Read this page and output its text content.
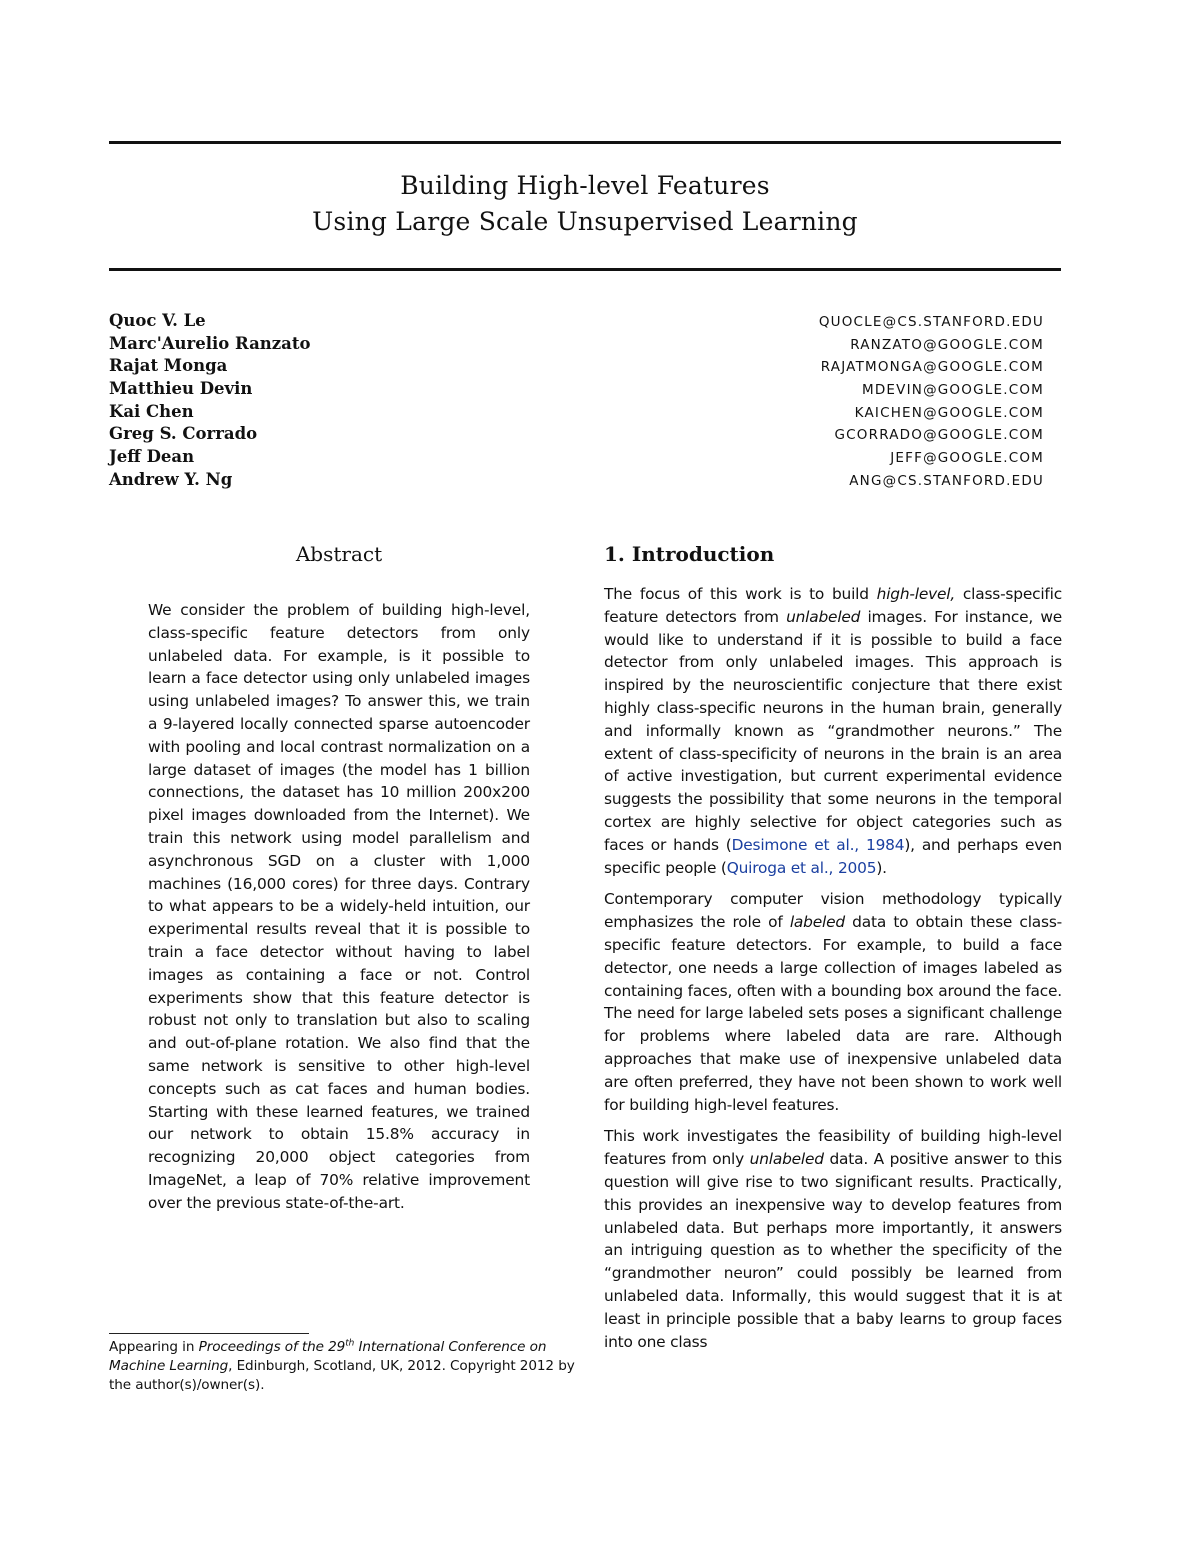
Building High-level Features
Using Large Scale Unsupervised Learning
Quoc V. Le	QUOCLE@CS.STANFORD.EDU
Marc'Aurelio Ranzato	RANZATO@GOOGLE.COM
Rajat Monga	RAJATMONGA@GOOGLE.COM
Matthieu Devin	MDEVIN@GOOGLE.COM
Kai Chen	KAICHEN@GOOGLE.COM
Greg S. Corrado	GCORRADO@GOOGLE.COM
Jeff Dean	JEFF@GOOGLE.COM
Andrew Y. Ng	ANG@CS.STANFORD.EDU
Abstract
We consider the problem of building high-level, class-specific feature detectors from only unlabeled data. For example, is it possible to learn a face detector using only unlabeled images using unlabeled images? To answer this, we train a 9-layered locally connected sparse autoencoder with pooling and local contrast normalization on a large dataset of images (the model has 1 billion connections, the dataset has 10 million 200x200 pixel images downloaded from the Internet). We train this network using model parallelism and asynchronous SGD on a cluster with 1,000 machines (16,000 cores) for three days. Contrary to what appears to be a widely-held intuition, our experimental results reveal that it is possible to train a face detector without having to label images as containing a face or not. Control experiments show that this feature detector is robust not only to translation but also to scaling and out-of-plane rotation. We also find that the same network is sensitive to other high-level concepts such as cat faces and human bodies. Starting with these learned features, we trained our network to obtain 15.8% accuracy in recognizing 20,000 object categories from ImageNet, a leap of 70% relative improvement over the previous state-of-the-art.
1. Introduction

The focus of this work is to build high-level, class-specific feature detectors from unlabeled images. For instance, we would like to understand if it is possible to build a face detector from only unlabeled images. This approach is inspired by the neuroscientific conjecture that there exist highly class-specific neurons in the human brain, generally and informally known as “grandmother neurons.” The extent of class-specificity of neurons in the brain is an area of active investigation, but current experimental evidence suggests the possibility that some neurons in the temporal cortex are highly selective for object categories such as faces or hands (Desimone et al., 1984), and perhaps even specific people (Quiroga et al., 2005).

Contemporary computer vision methodology typically emphasizes the role of labeled data to obtain these class-specific feature detectors. For example, to build a face detector, one needs a large collection of images labeled as containing faces, often with a bounding box around the face. The need for large labeled sets poses a significant challenge for problems where labeled data are rare. Although approaches that make use of inexpensive unlabeled data are often preferred, they have not been shown to work well for building high-level features.

This work investigates the feasibility of building high-level features from only unlabeled data. A positive answer to this question will give rise to two significant results. Practically, this provides an inexpensive way to develop features from unlabeled data. But perhaps more importantly, it answers an intriguing question as to whether the specificity of the “grandmother neuron” could possibly be learned from unlabeled data. Informally, this would suggest that it is at least in principle possible that a baby learns to group faces into one class

Appearing in Proceedings of the 29th International Conference on Machine Learning, Edinburgh, Scotland, UK, 2012. Copyright 2012 by the author(s)/owner(s).
